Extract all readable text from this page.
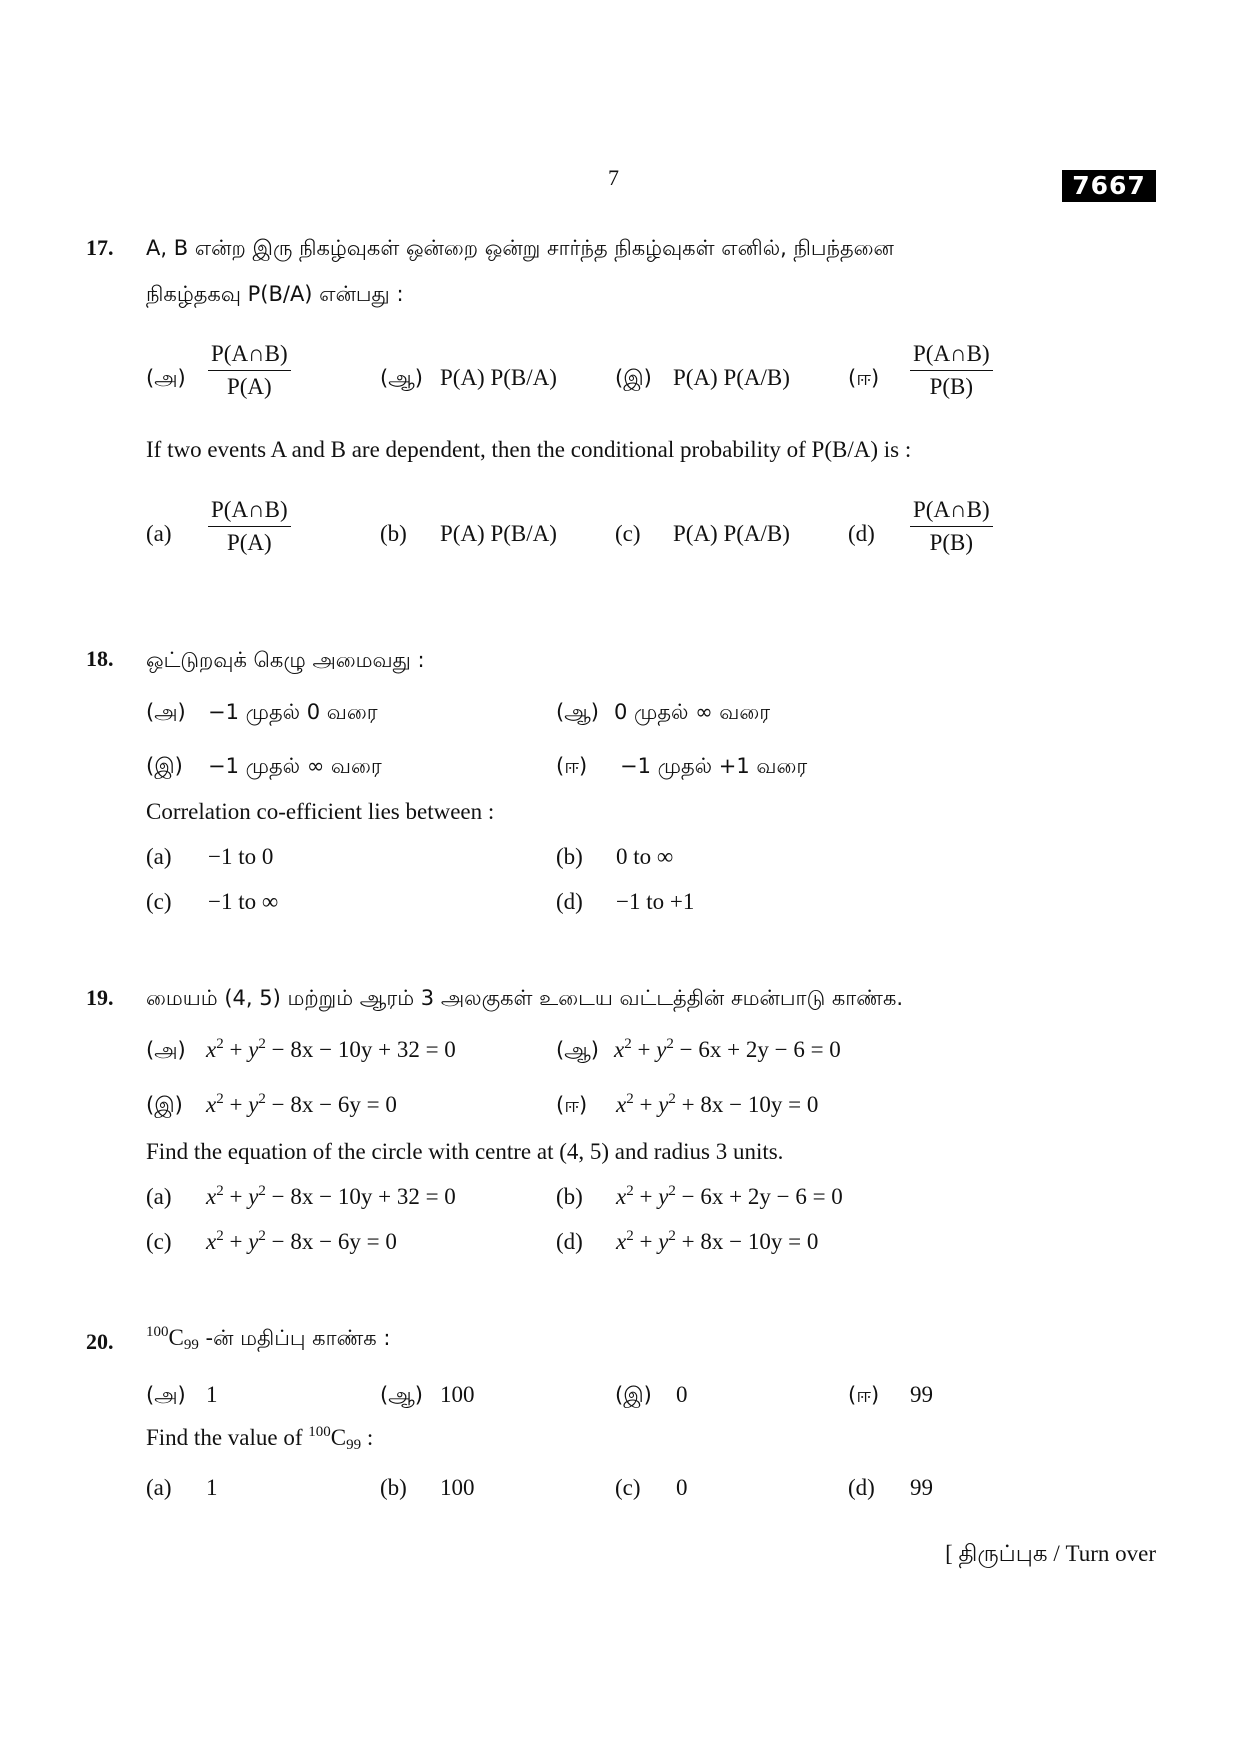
7	7667
17. A, B என்ற இரு நிகழ்வுகள் ஒன்றை ஒன்று சார்ந்த நிகழ்வுகள் எனில், நிபந்தனை
நிகழ்தகவு P(B/A) என்பது :
(அ) $\frac{P(A\cap B)}{P(A)}$	(ஆ) P(A) P(B/A)	(இ) P(A) P(A/B)	(ஈ) $\frac{P(A\cap B)}{P(B)}$
If two events A and B are dependent, then the conditional probability of P(B/A) is :
$(a) \frac{P(A\cap B)}{P(A)}$	(b) P(A) P(B/A)	(c) P(A) P(A/B)	$(d) \frac{P(A\cap B)}{P(B)}$
18. ஒட்டுறவுக் கெழு அமைவது :
(அ) −1 முதல் 0 வரை	(ஆ) 0 முதல் ∞ வரை
(இ) −1 முதல் ∞ வரை	(ஈ) −1 முதல் +1 வரை
Correlation co-efficient lies between :
(a) −1 to 0	(b) 0 to ∞
(c) −1 to ∞	(d) −1 to +1
19. மையம் (4, 5) மற்றும் ஆரம் 3 அலகுகள் உடைய வட்டத்தின் சமன்பாடு காண்க.
(அ) $x^2 + y^2 - 8x - 10y + 32 = 0$	(ஆ) $x^2 + y^2 - 6x + 2y - 6 = 0$
(இ) $x^2 + y^2 - 8x - 6y = 0$	(ஈ) $x^2 + y^2 + 8x - 10y = 0$
Find the equation of the circle with centre at (4, 5) and radius 3 units.
(a) $x^2 + y^2 - 8x - 10y + 32 = 0$	(b) $x^2 + y^2 - 6x + 2y - 6 = 0$
(c) $x^2 + y^2 - 8x - 6y = 0$	(d) $x^2 + y^2 + 8x - 10y = 0$
20. $^{100}C_{99}$ -ன் மதிப்பு காண்க :
(அ) 1	(ஆ) 100	(இ) 0	(ஈ) 99
Find the value of $^{100}C_{99}$ :
(a) 1	(b) 100	(c) 0	(d) 99
[ திருப்புக / Turn over
